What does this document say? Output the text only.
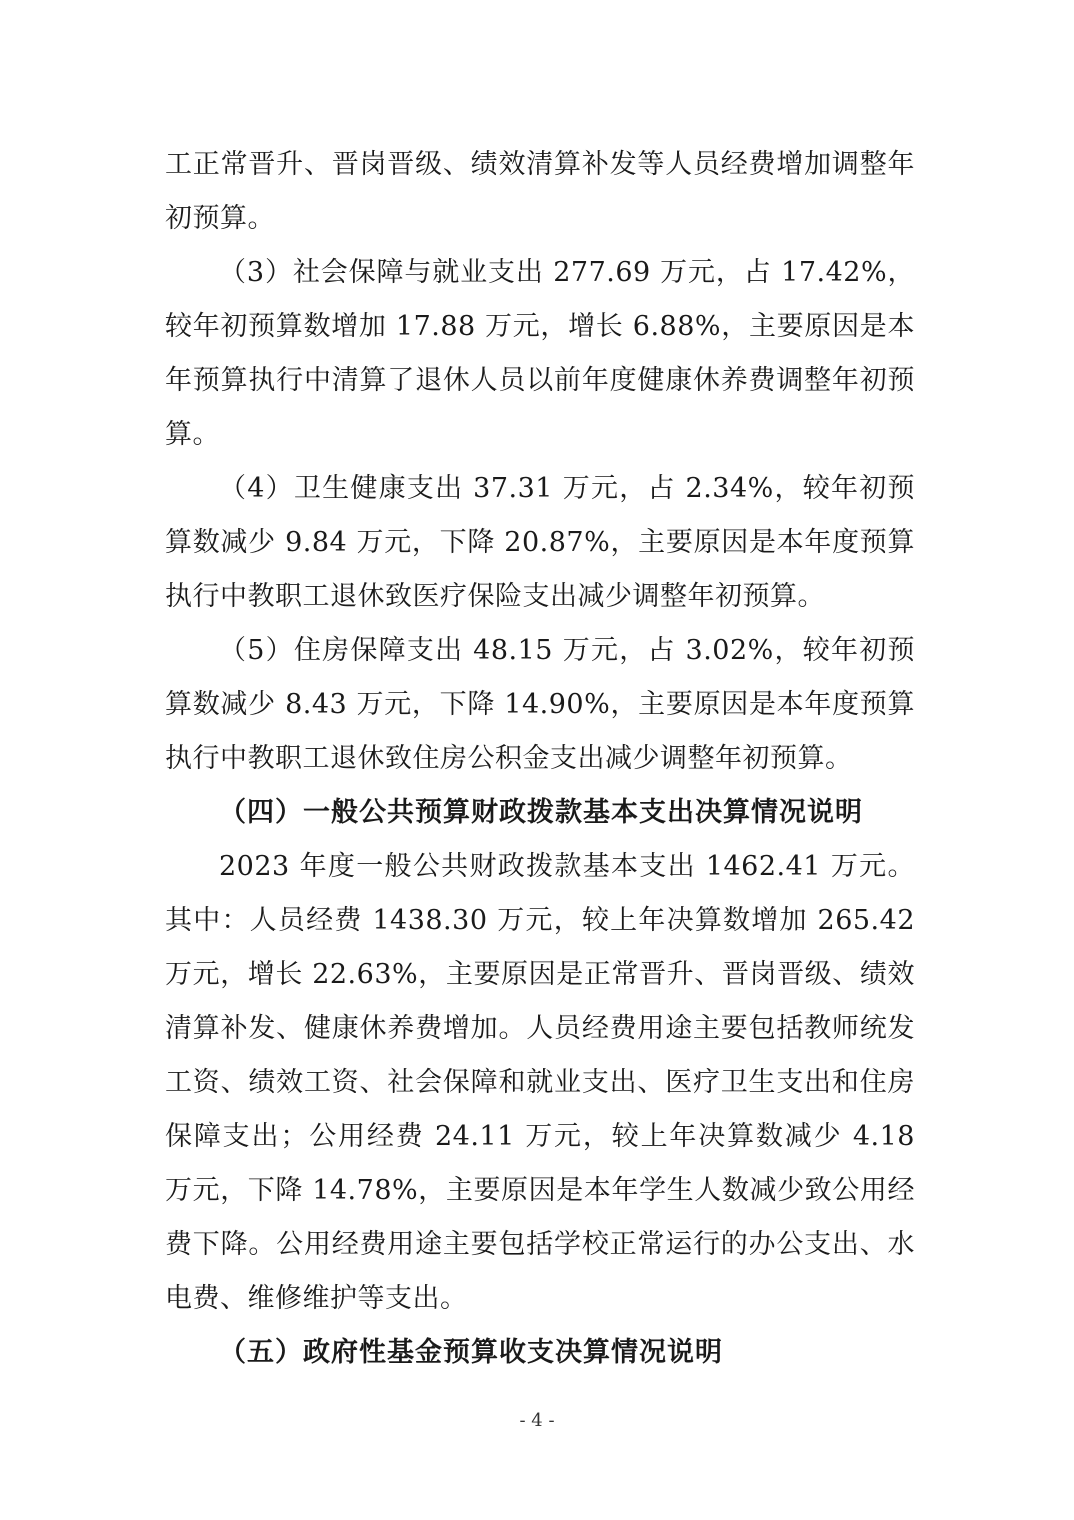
工正常晋升、晋岗晋级、绩效清算补发等人员经费增加调整年初预算。

（3）社会保障与就业支出 277.69 万元，占 17.42%，较年初预算数增加 17.88 万元，增长 6.88%，主要原因是本年预算执行中清算了退休人员以前年度健康休养费调整年初预算。

（4）卫生健康支出 37.31 万元，占 2.34%，较年初预算数减少 9.84 万元，下降 20.87%，主要原因是本年度预算执行中教职工退休致医疗保险支出减少调整年初预算。

（5）住房保障支出 48.15 万元，占 3.02%，较年初预算数减少 8.43 万元，下降 14.90%，主要原因是本年度预算执行中教职工退休致住房公积金支出减少调整年初预算。

（四）一般公共预算财政拨款基本支出决算情况说明

2023 年度一般公共财政拨款基本支出 1462.41 万元。其中：人员经费 1438.30 万元，较上年决算数增加 265.42 万元，增长 22.63%，主要原因是正常晋升、晋岗晋级、绩效清算补发、健康休养费增加。人员经费用途主要包括教师统发工资、绩效工资、社会保障和就业支出、医疗卫生支出和住房保障支出；公用经费 24.11 万元，较上年决算数减少 4.18 万元，下降 14.78%，主要原因是本年学生人数减少致公用经费下降。公用经费用途主要包括学校正常运行的办公支出、水电费、维修维护等支出。

（五）政府性基金预算收支决算情况说明

- 4 -
